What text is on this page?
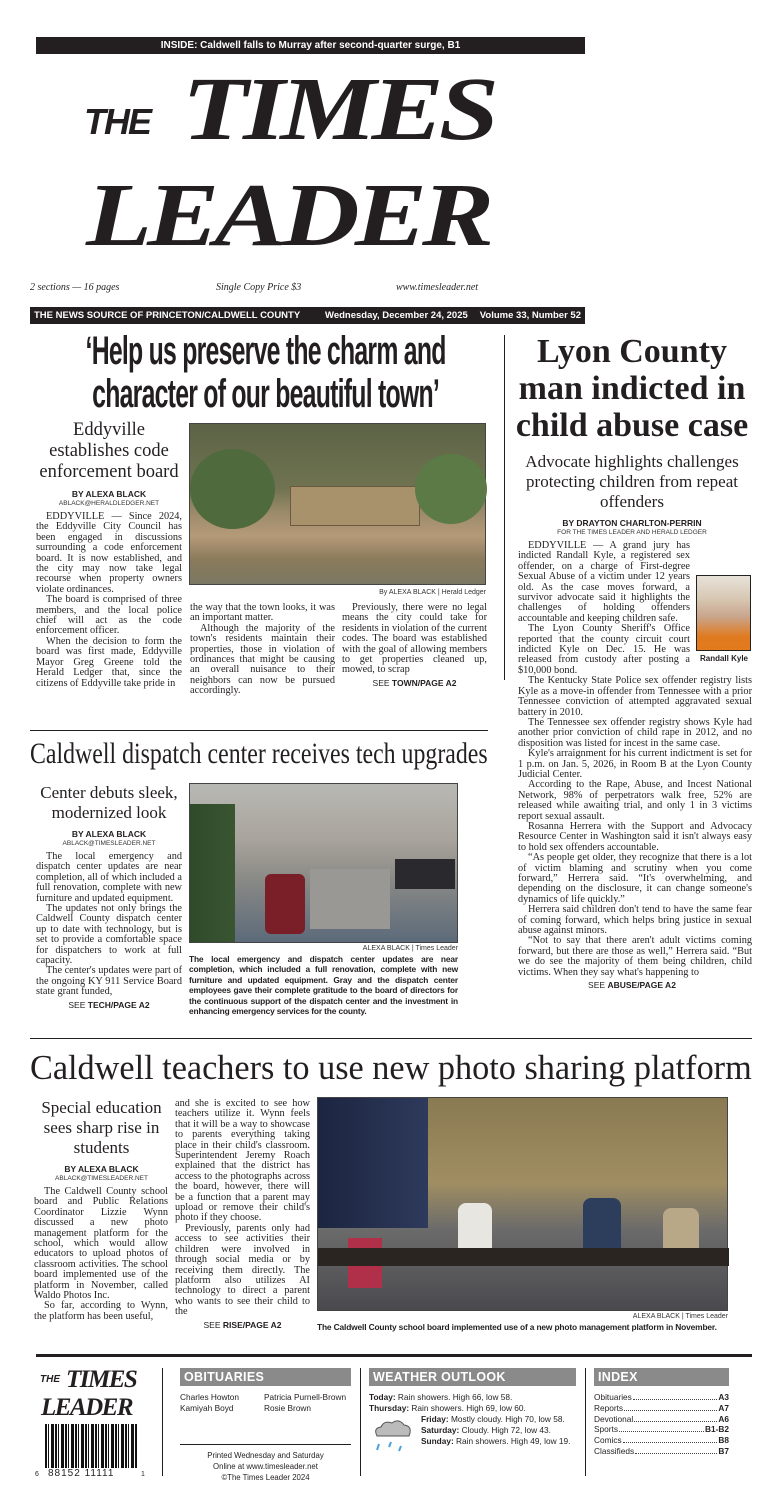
INSIDE: Caldwell falls to Murray after second-quarter surge, B1
THE TIMES
LEADER
2 sections — 16 pages	Single Copy Price $3	www.timesleader.net
THE NEWS SOURCE OF PRINCETON/CALDWELL COUNTY	Wednesday, December 24, 2025 Volume 33, Number 52
‘Help us preserve the charm and character of our beautiful town’
Eddyville establishes code enforcement board
BY ALEXA BLACK
ABLACK@HERALDLEDGER.NET

EDDYVILLE — Since 2024, the Eddyville City Council has been engaged in discussions surrounding a code enforcement board. It is now established, and the city may now take legal recourse when property owners violate ordinances.

The board is comprised of three members, and the local police chief will act as the code enforcement officer.

When the decision to form the board was first made, Eddyville Mayor Greg Greene told the Herald Ledger that, since the citizens of Eddyville take pride in

By ALEXA BLACK | Herald Ledger

the way that the town looks, it was an important matter.

Although the majority of the town's residents maintain their properties, those in violation of ordinances that might be causing an overall nuisance to their neighbors can now be pursued accordingly.

Previously, there were no legal means the city could take for residents in violation of the current codes. The board was established with the goal of allowing members to get properties cleaned up, mowed, to scrap

SEE TOWN/PAGE A2
Lyon County man indicted in child abuse case
Advocate highlights challenges protecting children from repeat offenders
BY DRAYTON CHARLTON-PERRIN
FOR THE TIMES LEADER AND HERALD LEDGER
Randall Kyle

EDDYVILLE — A grand jury has indicted Randall Kyle, a registered sex offender, on a charge of First-degree Sexual Abuse of a victim under 12 years old. As the case moves forward, a survivor advocate said it highlights the challenges of holding offenders accountable and keeping children safe.

The Lyon County Sheriff's Office reported that the county circuit court indicted Kyle on Dec. 15. He was released from custody after posting a $10,000 bond.

The Kentucky State Police sex offender registry lists Kyle as a move-in offender from Tennessee with a prior Tennessee conviction of attempted aggravated sexual battery in 2010.

The Tennessee sex offender registry shows Kyle had another prior conviction of child rape in 2012, and no disposition was listed for incest in the same case.

Kyle's arraignment for his current indictment is set for 1 p.m. on Jan. 5, 2026, in Room B at the Lyon County Judicial Center.

According to the Rape, Abuse, and Incest National Network, 98% of perpetrators walk free, 52% are released while awaiting trial, and only 1 in 3 victims report sexual assault.

Rosanna Herrera with the Support and Advocacy Resource Center in Washington said it isn't always easy to hold sex offenders accountable.

“As people get older, they recognize that there is a lot of victim blaming and scrutiny when you come forward,” Herrera said. “It's overwhelming, and depending on the disclosure, it can change someone's dynamics of life quickly.”

Herrera said children don't tend to have the same fear of coming forward, which helps bring justice in sexual abuse against minors.

“Not to say that there aren't adult victims coming forward, but there are those as well,” Herrera said. “But we do see the majority of them being children, child victims. When they say what's happening to

SEE ABUSE/PAGE A2
Caldwell dispatch center receives tech upgrades
Center debuts sleek, modernized look
BY ALEXA BLACK
ABLACK@TIMESLEADER.NET

The local emergency and dispatch center updates are near completion, all of which included a full renovation, complete with new furniture and updated equipment.

The updates not only brings the Caldwell County dispatch center up to date with technology, but is set to provide a comfortable space for dispatchers to work at full capacity.

The center's updates were part of the ongoing KY 911 Service Board state grant funded,

SEE TECH/PAGE A2
ALEXA BLACK | Times Leader
The local emergency and dispatch center updates are near completion, which included a full renovation, complete with new furniture and updated equipment. Gray and the dispatch center employees gave their complete gratitude to the board of directors for the continuous support of the dispatch center and the investment in enhancing emergency services for the county.
Caldwell teachers to use new photo sharing platform
Special education sees sharp rise in students
BY ALEXA BLACK
ABLACK@TIMESLEADER.NET

The Caldwell County school board and Public Relations Coordinator Lizzie Wynn discussed a new photo management platform for the school, which would allow educators to upload photos of classroom activities. The school board implemented use of the platform in November, called Waldo Photos Inc.

So far, according to Wynn, the platform has been useful,

and she is excited to see how teachers utilize it. Wynn feels that it will be a way to showcase to parents everything taking place in their child's classroom. Superintendent Jeremy Roach explained that the district has access to the photographs across the board, however, there will be a function that a parent may upload or remove their child's photo if they choose.

Previously, parents only had access to see activities their children were involved in through social media or by receiving them directly. The platform also utilizes AI technology to direct a parent who wants to see their child to the

SEE RISE/PAGE A2
ALEXA BLACK | Times Leader
The Caldwell County school board implemented use of a new photo management platform in November.
THE TIMES
LEADER
6 88152 11111	1
OBITUARIES
Charles Howton
Kamiyah Boyd
Patricia Purnell-Brown
Rosie Brown
Printed Wednesday and Saturday
Online at www.timesleader.net
©The Times Leader 2024
WEATHER OUTLOOK
Today: Rain showers. High 66, low 58.
Thursday: Rain showers. High 69, low 60.
Friday: Mostly cloudy. High 70, low 58.
Saturday: Cloudy. High 72, low 43.
Sunday: Rain showers. High 49, low 19.
INDEX
Obituaries	A3
Reports	A7
Devotional	A6
Sports	B1-B2
Comics	B8
Classifieds	B7
